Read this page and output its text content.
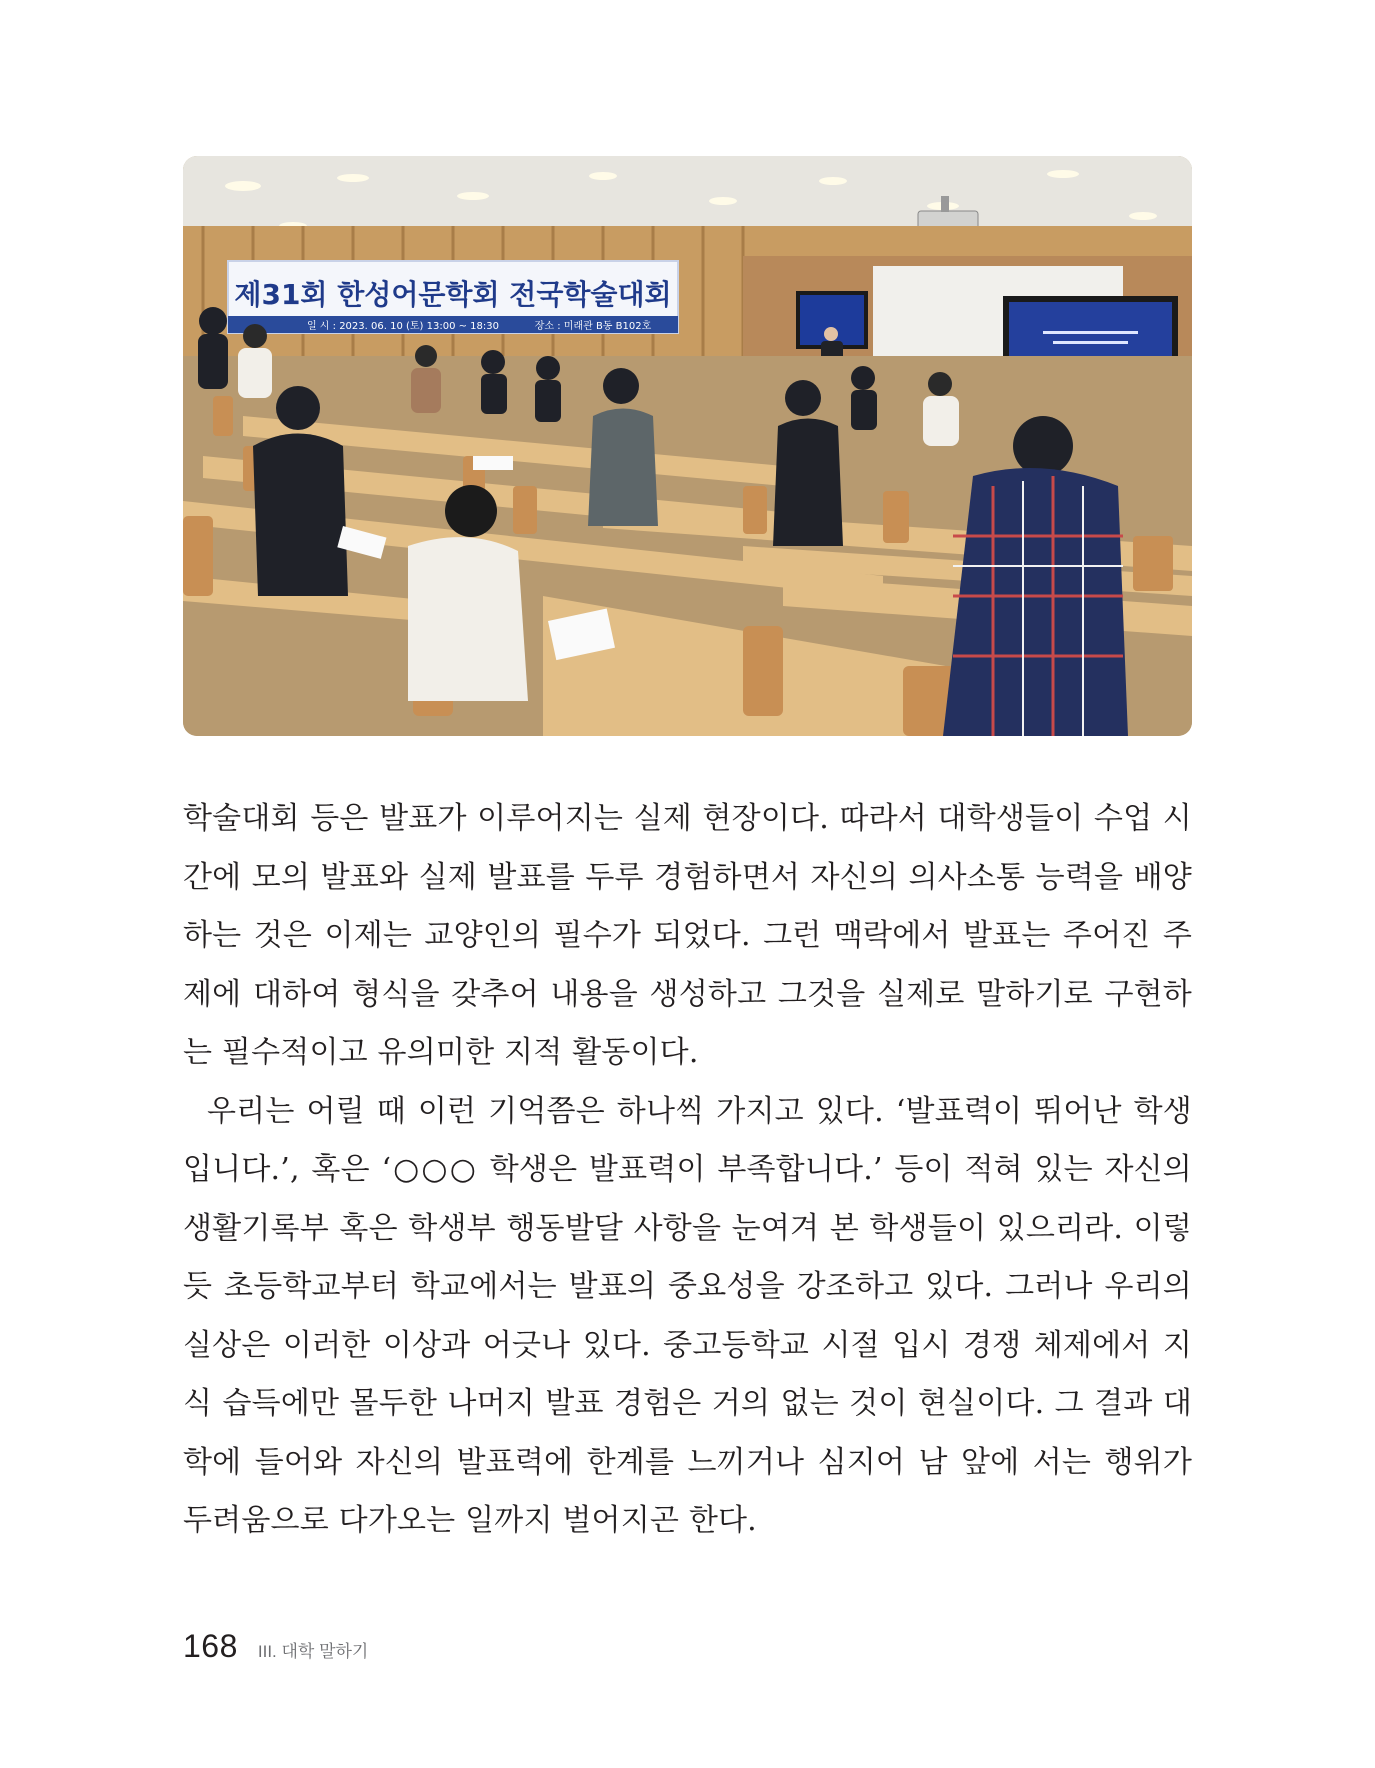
제31회 한성어문학회 전국학술대회
일 시 : 2023. 06. 10 (토) 13:00 ~ 18:30	장소 : 미래관 B동 B102호

학술대회 등은 발표가 이루어지는 실제 현장이다. 따라서 대학생들이 수업 시간에 모의 발표와 실제 발표를 두루 경험하면서 자신의 의사소통 능력을 배양하는 것은 이제는 교양인의 필수가 되었다. 그런 맥락에서 발표는 주어진 주제에 대하여 형식을 갖추어 내용을 생성하고 그것을 실제로 말하기로 구현하는 필수적이고 유의미한 지적 활동이다.

우리는 어릴 때 이런 기억쯤은 하나씩 가지고 있다. ‘발표력이 뛰어난 학생입니다.’, 혹은 ‘○○○ 학생은 발표력이 부족합니다.’ 등이 적혀 있는 자신의 생활기록부 혹은 학생부 행동발달 사항을 눈여겨 본 학생들이 있으리라. 이렇듯 초등학교부터 학교에서는 발표의 중요성을 강조하고 있다. 그러나 우리의 실상은 이러한 이상과 어긋나 있다. 중고등학교 시절 입시 경쟁 체제에서 지식 습득에만 몰두한 나머지 발표 경험은 거의 없는 것이 현실이다. 그 결과 대학에 들어와 자신의 발표력에 한계를 느끼거나 심지어 남 앞에 서는 행위가 두려움으로 다가오는 일까지 벌어지곤 한다.

168 III. 대학 말하기
